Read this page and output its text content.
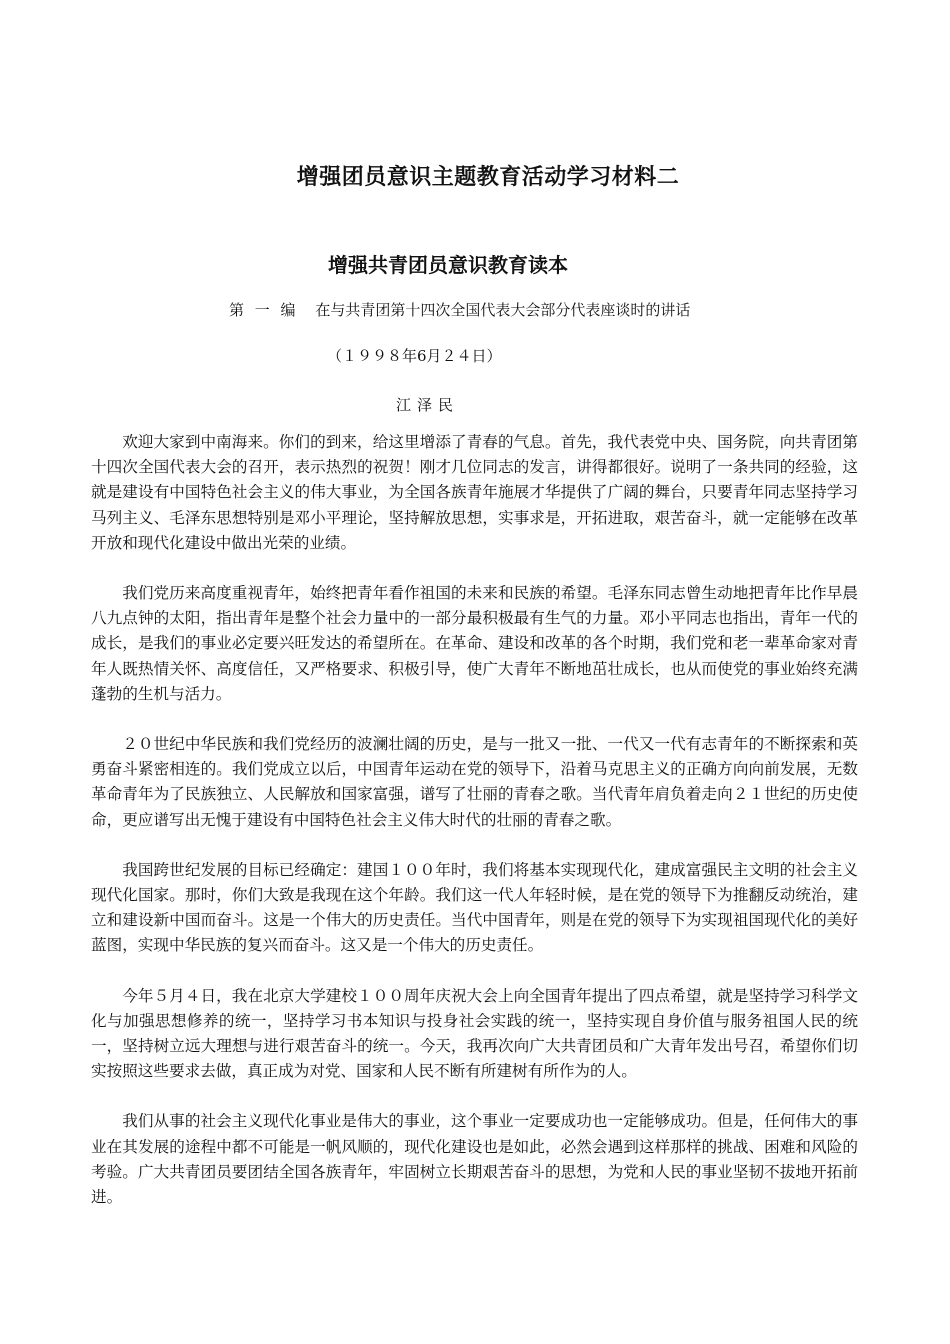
增强团员意识主题教育活动学习材料二
增强共青团员意识教育读本
第 一 编 在与共青团第十四次全国代表大会部分代表座谈时的讲话
（１９９８年6月２４日）
江泽民

欢迎大家到中南海来。你们的到来，给这里增添了青春的气息。首先，我代表党中央、国务院，向共青团第十四次全国代表大会的召开，表示热烈的祝贺！刚才几位同志的发言，讲得都很好。说明了一条共同的经验，这就是建设有中国特色社会主义的伟大事业，为全国各族青年施展才华提供了广阔的舞台，只要青年同志坚持学习马列主义、毛泽东思想特别是邓小平理论，坚持解放思想，实事求是，开拓进取，艰苦奋斗，就一定能够在改革开放和现代化建设中做出光荣的业绩。

我们党历来高度重视青年，始终把青年看作祖国的未来和民族的希望。毛泽东同志曾生动地把青年比作早晨八九点钟的太阳，指出青年是整个社会力量中的一部分最积极最有生气的力量。邓小平同志也指出，青年一代的成长，是我们的事业必定要兴旺发达的希望所在。在革命、建设和改革的各个时期，我们党和老一辈革命家对青年人既热情关怀、高度信任，又严格要求、积极引导，使广大青年不断地茁壮成长，也从而使党的事业始终充满蓬勃的生机与活力。

２０世纪中华民族和我们党经历的波澜壮阔的历史，是与一批又一批、一代又一代有志青年的不断探索和英勇奋斗紧密相连的。我们党成立以后，中国青年运动在党的领导下，沿着马克思主义的正确方向向前发展，无数革命青年为了民族独立、人民解放和国家富强，谱写了壮丽的青春之歌。当代青年肩负着走向２１世纪的历史使命，更应谱写出无愧于建设有中国特色社会主义伟大时代的壮丽的青春之歌。

我国跨世纪发展的目标已经确定：建国１００年时，我们将基本实现现代化，建成富强民主文明的社会主义现代化国家。那时，你们大致是我现在这个年龄。我们这一代人年轻时候，是在党的领导下为推翻反动统治，建立和建设新中国而奋斗。这是一个伟大的历史责任。当代中国青年，则是在党的领导下为实现祖国现代化的美好蓝图，实现中华民族的复兴而奋斗。这又是一个伟大的历史责任。

今年５月４日，我在北京大学建校１００周年庆祝大会上向全国青年提出了四点希望，就是坚持学习科学文化与加强思想修养的统一，坚持学习书本知识与投身社会实践的统一，坚持实现自身价值与服务祖国人民的统一，坚持树立远大理想与进行艰苦奋斗的统一。今天，我再次向广大共青团员和广大青年发出号召，希望你们切实按照这些要求去做，真正成为对党、国家和人民不断有所建树有所作为的人。

我们从事的社会主义现代化事业是伟大的事业，这个事业一定要成功也一定能够成功。但是，任何伟大的事业在其发展的途程中都不可能是一帆风顺的，现代化建设也是如此，必然会遇到这样那样的挑战、困难和风险的考验。广大共青团员要团结全国各族青年，牢固树立长期艰苦奋斗的思想，为党和人民的事业坚韧不拔地开拓前进。
